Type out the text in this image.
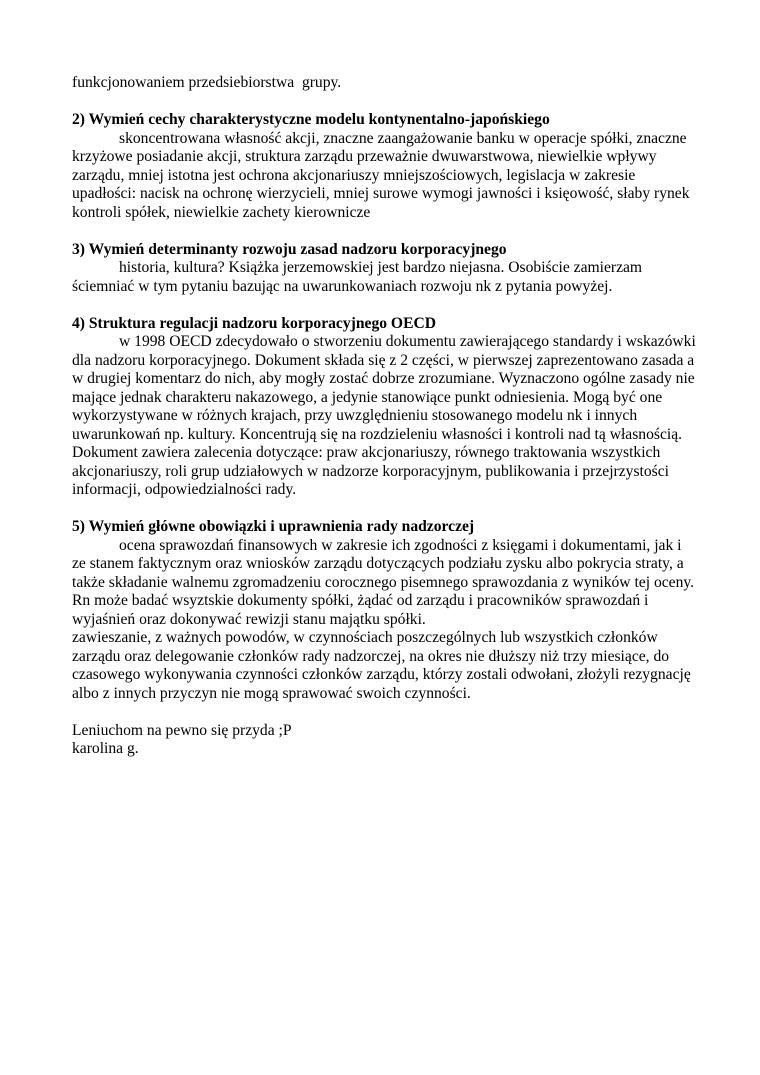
funkcjonowaniem przedsiebiorstwa  grupy.
2) Wymień cechy charakterystyczne modelu kontynentalno-japońskiego
skoncentrowana własność akcji, znaczne zaangażowanie banku w operacje spółki, znaczne
krzyżowe posiadanie akcji, struktura zarządu przeważnie dwuwarstwowa, niewielkie wpływy
zarządu, mniej istotna jest ochrona akcjonariuszy mniejszościowych, legislacja w zakresie
upadłości: nacisk na ochronę wierzycieli, mniej surowe wymogi jawności i księowość, słaby rynek
kontroli spółek, niewielkie zachety kierownicze
3) Wymień determinanty rozwoju zasad nadzoru korporacyjnego
historia, kultura? Książka jerzemowskiej jest bardzo niejasna. Osobiście zamierzam
ściemniać w tym pytaniu bazując na uwarunkowaniach rozwoju nk z pytania powyżej.
4) Struktura regulacji nadzoru korporacyjnego OECD
w 1998 OECD zdecydowało o stworzeniu dokumentu zawierającego standardy i wskazówki
dla nadzoru korporacyjnego. Dokument składa się z 2 części, w pierwszej zaprezentowano zasada a
w drugiej komentarz do nich, aby mogły zostać dobrze zrozumiane. Wyznaczono ogólne zasady nie
mające jednak charakteru nakazowego, a jedynie stanowiące punkt odniesienia. Mogą być one
wykorzystywane w różnych krajach, przy uwzględnieniu stosowanego modelu nk i innych
uwarunkowań np. kultury. Koncentrują się na rozdzieleniu własności i kontroli nad tą własnością.
Dokument zawiera zalecenia dotyczące: praw akcjonariuszy, równego traktowania wszystkich
akcjonariuszy, roli grup udziałowych w nadzorze korporacyjnym, publikowania i przejrzystości
informacji, odpowiedzialności rady.
5) Wymień główne obowiązki i uprawnienia rady nadzorczej
ocena sprawozdań finansowych w zakresie ich zgodności z księgami i dokumentami, jak i
ze stanem faktycznym oraz wniosków zarządu dotyczących podziału zysku albo pokrycia straty, a
także składanie walnemu zgromadzeniu corocznego pisemnego sprawozdania z wyników tej oceny.
Rn może badać wsyztskie dokumenty spółki, żądać od zarządu i pracowników sprawozdań i
wyjaśnień oraz dokonywać rewizji stanu majątku spółki.
zawieszanie, z ważnych powodów, w czynnościach poszczególnych lub wszystkich członków
zarządu oraz delegowanie członków rady nadzorczej, na okres nie dłuższy niż trzy miesiące, do
czasowego wykonywania czynności członków zarządu, którzy zostali odwołani, złożyli rezygnację
albo z innych przyczyn nie mogą sprawować swoich czynności.
Leniuchom na pewno się przyda ;P
karolina g.
